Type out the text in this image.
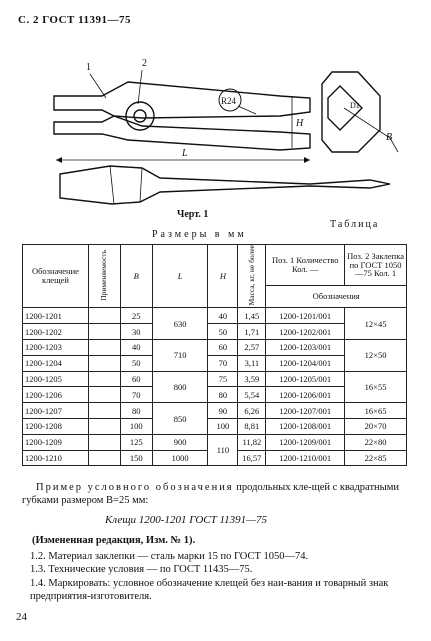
С. 2 ГОСТ 11391—75
1	2
R24
H
L
B
D1
Черт. 1
Таблица
Размеры в мм
Обозначение клещей	Применяемость	B	L	H	Масса, кг, не более	Поз. 1 Количество Кол. —	Поз. 2 Заклепка по ГОСТ 1050—75 Кол. 1
						Обозначения	
1200-1201		25	630	40	1,45	1200-1201/001	12×45
1200-1202		30		50	1,71	1200-1202/001	
1200-1203		40	710	60	2,57	1200-1203/001	12×50
1200-1204		50		70	3,11	1200-1204/001	
1200-1205		60	800	75	3,59	1200-1205/001	16×55
1200-1206		70		80	5,54	1200-1206/001	
1200-1207		80	850	90	6,26	1200-1207/001	16×65
1200-1208		100		100	8,81	1200-1208/001	20×70
1200-1209		125	900	110	11,82	1200-1209/001	22×80
1200-1210		150	1000		16,57	1200-1210/001	22×85
Пример условного обозначения продольных кле-щей с квадратными губками размером B=25 мм:
Клещи 1200-1201 ГОСТ 11391—75
(Измененная редакция, Изм. № 1).
1.2. Материал заклепки — сталь марки 15 по ГОСТ 1050—74.
1.3. Технические условия — по ГОСТ 11435—75.
1.4. Маркировать: условное обозначение клещей без наи-вания и товарный знак предприятия-изготовителя.
24
